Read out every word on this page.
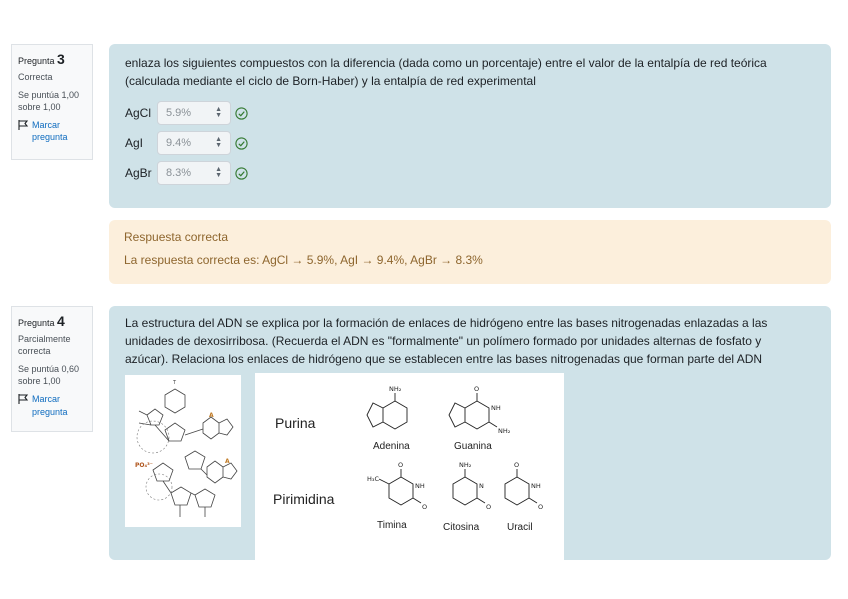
Pregunta 3
Correcta
Se puntúa 1,00 sobre 1,00
Marcar pregunta
enlaza los siguientes compuestos con la diferencia (dada como un porcentaje) entre el valor de la entalpía de red teórica
(calculada mediante el ciclo de Born-Haber) y la entalpía de red experimental
AgCl	5.9%	▲
▼
AgI	9.4%	▲
▼
AgBr	8.3%	▲
▼
Respuesta correcta
La respuesta correcta es: AgCl → 5.9%, AgI → 9.4%, AgBr → 8.3%
Pregunta 4
Parcialmente correcta
Se puntúa 0,60 sobre 1,00
Marcar pregunta
La estructura del ADN se explica por la formación de enlaces de hidrógeno entre las bases nitrogenadas enlazadas a las
unidades de dexosirribosa. (Recuerda el ADN es "formalmente" un polímero formado por unidades alternas de fosfato y
azúcar). Relaciona los enlaces de hidrógeno que se establecen entre las bases nitrogenadas que forman parte del ADN
T
A
A
PO₄³⁻
Purina
Pirimidina
NH₂	O
NH
NH₂
H₃C
O
NH
O
NH₂
N
O
O
NH
O
Adenina	Guanina
Timina	Citosina	Uracil
